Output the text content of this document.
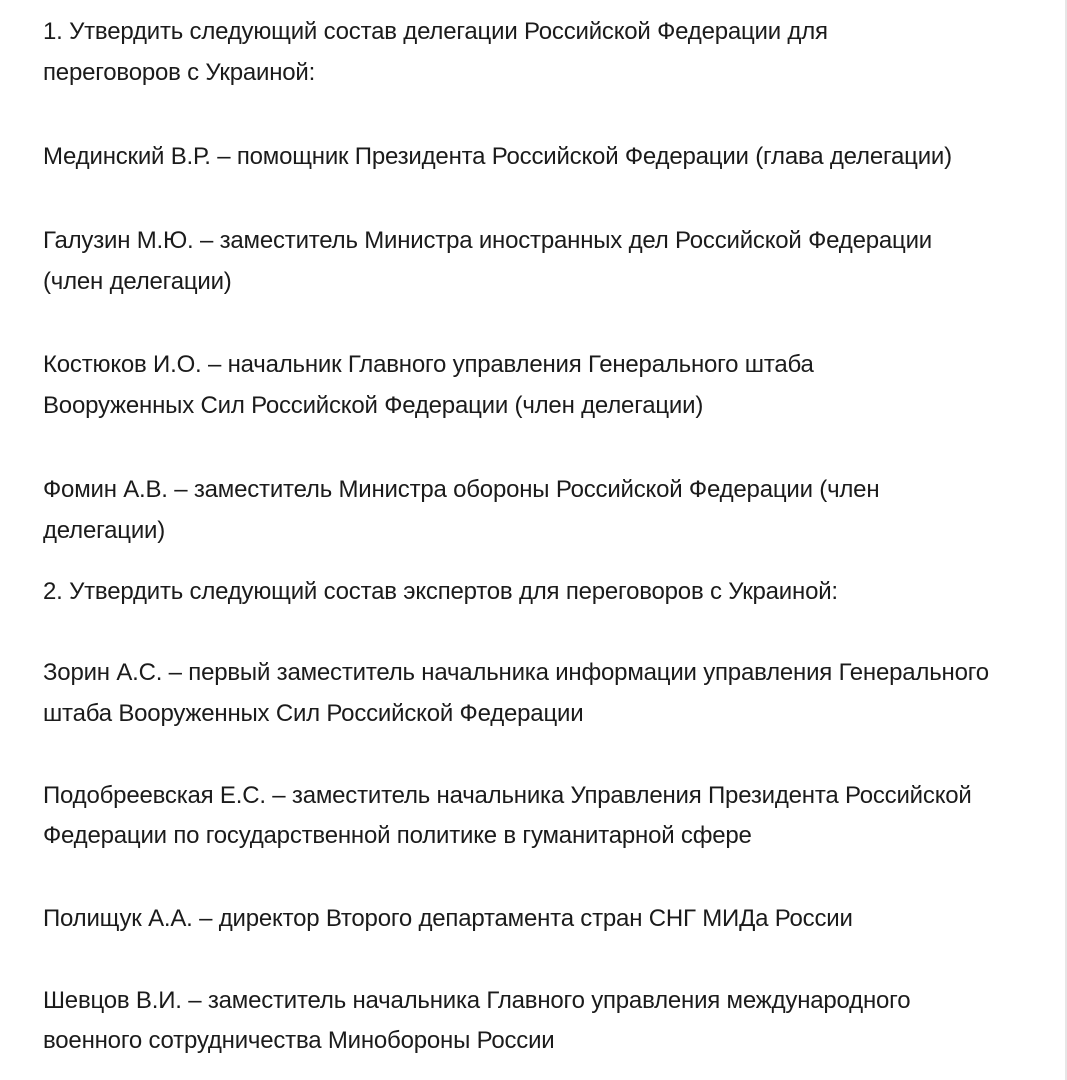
1. Утвердить следующий состав делегации Российской Федерации для

переговоров с Украиной:

Мединский В.Р. – помощник Президента Российской Федерации (глава делегации)

Галузин М.Ю. – заместитель Министра иностранных дел Российской Федерации

(член делегации)

Костюков И.О. – начальник Главного управления Генерального штаба

Вооруженных Сил Российской Федерации (член делегации)

Фомин А.В. – заместитель Министра обороны Российской Федерации (член

делегации)

2. Утвердить следующий состав экспертов для переговоров с Украиной:

Зорин А.С. – первый заместитель начальника информации управления Генерального

штаба Вооруженных Сил Российской Федерации

Подобреевская Е.С. – заместитель начальника Управления Президента Российской

Федерации по государственной политике в гуманитарной сфере

Полищук А.А. – директор Второго департамента стран СНГ МИДа России

Шевцов В.И. – заместитель начальника Главного управления международного

военного сотрудничества Минобороны России
